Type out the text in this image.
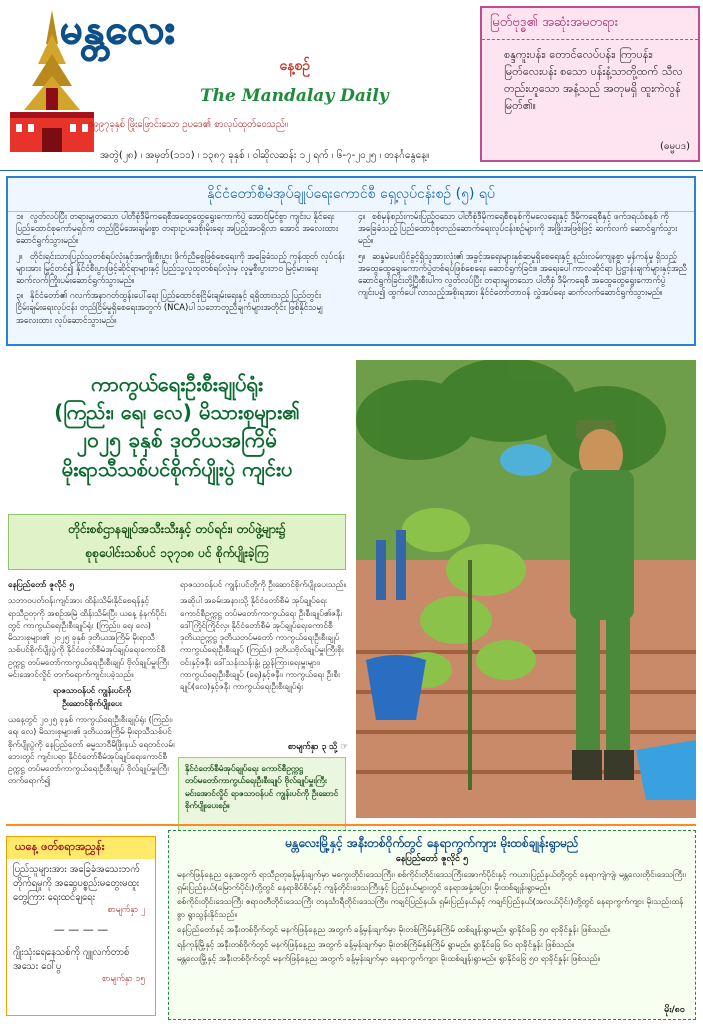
မန္တလေး
နေ့စဉ်
The Mandalay Daily
၁၉၉၇ခုနှစ် ဖြိုးဖြောင်းသော ဥပဒေ၏ စာလုပ်ထုတ်ဝေသည်။
အတွဲ(၂၈) ၊ အမှတ်(၁၁၁) ၊ ၁၃၈၇ ခုနှစ် ၊ ဝါဆိုလဆန်း ၁၂ ရက် ၊ ၆-၇-၂၀၂၅ ၊ တနင်္ဂနွေနေ့။
မြတ်ဗုဒ္ဓ၏ အဆုံးအမတရား
စန္ဒကူးပန်း၊ တောင်လေပ်ပန်း၊ ကြာပန်း၊ မြတ်လေးပန်း စသော ပန်းနံ့သာတို့ထက် သီလတည်းဟူသော အနံ့သည် အတုမရှိ ထူးကဲလွန်မြတ်၏။
(ဓမ္မပဒ)
နိုင်ငံတော်စီမံအုပ်ချုပ်ရေးကောင်စီ ရှေ့လုပ်ငန်းစဉ် (၅) ရပ်

၁။ လွတ်လပ်ပြီး တရားမျှတသော ပါတီစုံဒီမိုကရေစီအထွေထွေရွေးကောက်ပွဲ အောင်မြင်စွာ ကျင်းပ နိုင်ရေး ပြည်ထောင်စုကော်မရှင်က တည်ငြိမ်အေးချမ်းစွာ တရားဥပဒေစိုးမိုးရေး အပြည့်အဝရှိလာ အောင် အလေးထားဆောင်ရွက်သွားမည်။

၂။ တိုင်းရင်းသားပြည်သူတစ်ရပ်လုံးနှင့်အကျိုးစီးပွား ဖိုက်ညီစွေဖြစ်စေရေးကို အခြေခံသည့် ကုန်ထုတ် လုပ်ငန်းများအား မြှင့်တင်၍ နိုင်ငံစီးပွားဖြင့်ဆိုင်ရာများနှင့် ပြည်သူ့လူထုတစ်ရပ်လုံးမှ လူမှုစီးပွားဘဝ မြင့်မားရေး ဆက်လက်ကြိုးပမ်းဆောင်ရွက်သွားမည်။

၃။ နိုင်ငံတော်၏ ဂလက်အနာဂတ်ထွန်းပေါ်ရေး ပြည်ထောင်စုငြိမ်းချမ်းရေးနှင့် ရရှိထားသည့် ပြည်တွင်း ငြိမ်းချမ်းရေးလုပ်ငန်း တည်ငြိမ်မှုရှိစေရေးအတွက် (NCA)ပါ သဘောတူညီချက်များအတိုင်း ဖြစ်နိုင်သမျှ အလေးထား လုပ်ဆောင်သွားမည်။

၄။ စစ်မှန်စည်းကမ်းပြည့်ဝသော ပါတီစုံဒီမိုကရေစီစနစ်ကိုမလေရေးနှင့် ဒီမိုကရေစီနှင့် ဖက်ဒရယ်စနစ် ကို အခြေခံသည့် ပြည်ထောင်စုတည်ဆောက်ရေးလုပ်ငန်းစဉ်များကို အဖြိုးအဖြစ်ဖြင့် ဆက်လက် ဆောင်ရွက်သွားမည်။

၅။ ဆန္ဒမဲပေးပိုင်ခွင့်ရှိသူအားလုံး၏ အခွင့်အရေးများနှစ်ဆမူရှိစေရေးနှင့် နည်းလမ်းကျနစွာ မှန်ကန်မှု ရှိသည့် အထွေထွေရွေးကောက်ပွဲတစ်ရပ်ဖြစ်စေရေး ဆောင်ရွက်ခြင်း။ အရေးပေါ်ကာလဆိုင်ရာ ပြဋ္ဌာန်းချက်များနှင့်အညီ ဆောင်ရွက်ခြင်းတို့ပြီးစီးပါက လွတ်လပ်ပြီး တရားမျှတသော ပါတီစုံ ဒီမိုကရေစီ အထွေထွေရွေးကောက်ပွဲကျင်းပ၍ ထွက်ပေါ်လာသည့်အစိုးရအား နိုင်ငံတော်တာဝန် လွှဲအပ်ရေး ဆက်လက်ဆောင်ရွက်သွားမည်။

ကာကွယ်ရေးဦးစီးချုပ်ရုံး
(ကြည်း၊ ရေ၊ လေ) မိသားစုများ၏
၂၀၂၅ ခုနှစ် ဒုတိယအကြိမ်
မိုးရာသီသစ်ပင်စိုက်ပျိုးပွဲ ကျင်းပ
တိုင်းစစ်ဌာနချုပ်အသီးသီးနှင့် တပ်ရင်း၊ တပ်ဖွဲ့များ၌
စုစုပေါင်းသစ်ပင် ၁၃၇၁၈ ပင် စိုက်ပျိုးခဲ့ကြ

နေပြည်တော် ဇူလိုင် ၅

သဘာဝပတ်ဝန်းကျင်အား ထိန်းသိမ်းနိုင်စေရန်နှင့် ရာသီဥတုကို အစဉ်အမြဲ ထိန်းသိမ်းပြီး ယနေ့ နံနက်ပိုင်းတွင် ကာကွယ်ရေးဦးစီးချုပ်ရုံး (ကြည်း၊ ရေ၊ လေ) မိသားစုများ၏ ၂၀၂၅ ခုနှစ် ဒုတိယအကြိမ် မိုးရာသီ သစ်ပင်စိုက်ပျိုးပွဲကို နိုင်ငံတော်စီမံအုပ်ချုပ်ရေးကောင်စီ ဥက္ကဋ္ဌ တပ်မတော်ကာကွယ်ရေးဦးစီးချုပ် ဗိုလ်ချုပ်မှူးကြီး မင်းအောင်လှိုင် တက်ရောက်ကျင်းပခဲ့သည်။

ရာဇသာဝန်ပင် ကျွန်းပင်ကို
ဦးဆောင်စိုက်ပျိုးပေး

ယနေ့တွင် ၂၀၂၅ ခုနှစ် ကာကွယ်ရေးဦးစီးချုပ်ရုံး (ကြည်း၊ ရေ၊ လေ) မိသားစုများ၏ ဒုတိယအကြိမ် မိုးရာသီသစ်ပင်စိုက်ပျိုးပွဲကို နေပြည်တော် ဓမ္မသာဝီမိဖြိုးနယ် ရေတင်လမ်းဘေးတွင် ကျင်းပရာ နိုင်ငံတော်စီမံအုပ်ချုပ်ရေးကောင်စီ ဥက္ကဋ္ဌ တပ်မတော်ကာကွယ်ရေးဦးစီးချုပ် ဗိုလ်ချုပ်မှူးကြီး တက်ရောက်၍

ရာဇသာဝန်ပင် ကျွန်းပင်တို့ကို ဦးဆောင်စိုက်ပျိုးပေးသည်။

အဆိုပါ အခမ်းအနားသို့ နိုင်ငံတော်စီမံ အုပ်ချုပ်ရေးကောင်စီဥက္ကဋ္ဌ တပ်မတော်ကာကွယ်ရေး ဦးစီးချုပ်၏ဇနီး ဒေါ်ကြိုင်ကြိုင်လှ၊ နိုင်ငံတော်စီမံ အုပ်ချုပ်ရေးကောင်စီ ဒုတိယဥက္ကဋ္ဌ ဒုတိယတပ်မတော် ကာကွယ်ရေးဦးစီးချုပ် ကာကွယ်ရေးဦးစီးချုပ် (ကြည်း) ဒုတိယဗိုလ်ချုပ်မှူးကြီးစိုးဝင်းနှင့်ဇနီး ဒေါ်သန်းသန်းနွဲ့၊ ညွှန်ကြားရေးမှူးများ၊ ကာကွယ်ရေးဦးစီးချုပ် (ရေ)နှင့်ဇနီး၊ ကာကွယ်ရေး ဦးစီးချုပ်(လေ)နှင့်ဇနီး ကာကွယ်ရေးဦးစီးချုပ်ရုံး

စာမျက်နှာ ၃ သို့ ☞
နိုင်ငံတော်စီမံအုပ်ချုပ်ရေး ကောင်စီဥက္ကဋ္ဌ တပ်မတော်ကာကွယ်ရေးဦးစီးချုပ် ဗိုလ်ချုပ်မှူးကြီး မင်းအောင်လှိုင် ရာဇသာဝန်ပင် ကျွန်းပင်ကို ဦးဆောင်စိုက်ပျိုးပေးစဉ်။
ယနေ့ ဖတ်စရာအညွှန်း
ပြည်သူများအား အခြေခံအသေးဘက်တိုက်ရမှုကို အဆွေပစ္စည်းမတွေးမထူးတွေ့ကြား ရေးထင်ချရေး
စာမျက်နှာ ၂
— — — —
ဂျိုးသုံးရေနေသစ်ကို ဂျူလက်တာစ်အသေး ဝေါ်ပွ
စာမျက်နှာ ၁၅
မန္တလေးမြို့နှင့် အနီးတစ်ဝိုက်တွင် နေရာကွက်ကျား မိုးထစ်ချုန်းရွာမည်
နေပြည်တော် ဇူလိုင် ၅

မနက်ဖြန်နေ့ည နေ့အတွက် ရာသီဥတုခန့်မှန်းချက်မှာ မကွေးတိုင်းဒေသကြီး၊ စစ်ကိုင်းတိုင်းဒေသကြီးအောက်ပိုင်းနှင့် ကယားပြည်နယ်တို့တွင် နေရာကျဲကျဲ၊ မန္တလေးတိုင်းဒေသကြီး၊ ရှမ်းပြည်နယ်(မြောက်ပိုင်း)တို့တွင် နေရာစိပ်စိပ်နှင့် ကျန်တိုင်းဒေသကြီးနှင့် ပြည်နယ်များတွင် နေရာအနှံ့အပြား မိုးထစ်ချုန်းရွာမည်။

စစ်ကိုင်းတိုင်းဒေသကြီး ဧရာဝတီတိုင်းဒေသကြီး တနင်္သာရီတိုင်းဒေသကြီး၊ ကချင်ပြည်နယ်၊ ရှမ်းပြည်နယ်နှင့် ကချင်ပြည်နယ်(အလယ်ပိုင်း)တို့တွင် နေရာကွက်ကျား မိုးသည်းထန်စွာ ရွာသွန်းနိုင်သည်။

နေပြည်တော်နှင့် အနီးတစ်ဝိုက်တွင် မနက်ဖြန်နေ့ည အတွက် ခန့်မှန်းချက်မှာ မိုးတစ်ကြိမ်နှစ်ကြိမ် ထစ်ချုန်းရွာမည်။ ရွာနိုင်ခြေ ၅၀ ရာခိုင်နှုန်း ဖြစ်သည်။

ရန်ကုန်မြို့နှင့် အနီးတစ်ဝိုက်တွင် မနက်ဖြန်နေ့ည အတွက် ခန့်မှန်းချက်မှာ မိုးတစ်ကြိမ်နှစ်ကြိမ် ရွာမည်။ ရွာနိုင်ခြေ ၆၀ ရာခိုင်နှုန်း ဖြစ်သည်။

မန္တလေးမြို့နှင့် အနီးတစ်ဝိုက်တွင် မနက်ဖြန်နေ့ည အတွက် ခန့်မှန်းချက်မှာ နေရာကွက်ကျား မိုးထစ်ချုန်းရွာမည်။ ရွာနိုင်ခြေ ၅၀ ရာခိုင်နှုန်း ဖြစ်သည်။

မိုး/၈၀
